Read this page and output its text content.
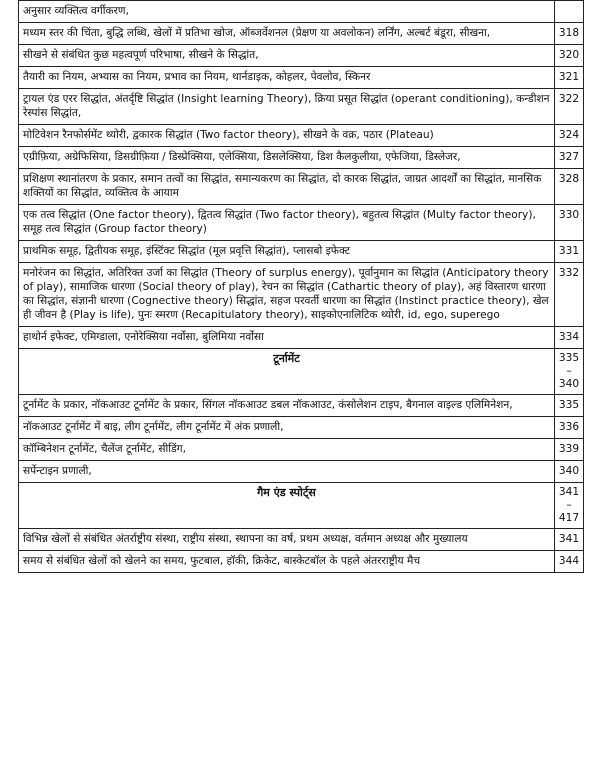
अनुसार व्यक्तित्व वर्गीकरण,	
मध्यम स्तर की चिंता, बुद्धि लब्धि, खेलों में प्रतिभा खोज, ऑब्जर्वेशनल (प्रेक्षण या अवलोकन) लर्निंग, अल्बर्ट बंडूरा, सीखना,	318
सीखने से संबंधित कुछ महत्वपूर्ण परिभाषा, सीखने के सिद्धांत,	320
तैयारी का नियम, अभ्यास का नियम, प्रभाव का नियम, थार्नडाइक, कोहलर, पेवलोव, स्किनर	321
ट्रायल एंड एरर सिद्धांत, अंतर्दृष्टि सिद्धांत (Insight learning Theory), क्रिया प्रसूत सिद्धांत (operant conditioning), कन्डीशन रेस्पांस सिद्धांत,	322
मोटिवेशन रैनफोर्समेंट थ्योरी, द्वकारक सिद्धांत (Two factor theory), सीखने के वक्र, पठार (Plateau)	324
एग्रीफ़िया, अग्रेफिसिया, डिसग्रीफ़िया / डिस्प्रेक्सिया, एलेक्सिया, डिसलेक्सिया, डिश कैलकुलीया, एफेजिया, डिस्लेजर,	327
प्रशिक्षण स्थानांतरण के प्रकार, समान तत्वों का सिद्धांत, समान्यकरण का सिद्धांत, दो कारक सिद्धांत, जाग्रत आदर्शों का सिद्धांत, मानसिक शक्तियों का सिद्धांत, व्यक्तित्व के आयाम	328
एक तत्व सिद्धांत (One factor theory), द्वितत्व सिद्धांत (Two factor theory), बहुतत्व सिद्धांत (Multy factor theory), समूह तत्व सिद्धांत (Group factor theory)	330
प्राथमिक समूह, द्वितीयक समूह, इंस्टिंक्ट सिद्धांत (मूल प्रवृत्ति सिद्धांत), प्लासबो इफेक्ट	331
मनोरंजन का सिद्धांत, अतिरिक्त उर्जा का सिद्धांत (Theory of surplus energy), पूर्वानुमान का सिद्धांत (Anticipatory theory of play), सामाजिक धारणा (Social theory of play), रेचन का सिद्धांत (Cathartic theory of play), अहं विस्तारण धारणा का सिद्धांत, संज्ञानी धारणा (Cognective theory) सिद्धांत, सहज परवर्ती धारणा का सिद्धांत (Instinct practice theory), खेल ही जीवन है (Play is life), पुनः स्मरण (Recapitulatory theory), साइकोएनालिटिक थ्योरी, id, ego, superego	332
हाथोर्न इफेक्ट, एमिग्डाला, एनोरेक्सिया नर्वोसा, बुलिमिया नर्वोसा	334
टूर्नामेंट	335 – 340
टूर्नामेंट के प्रकार, नॉकआउट टूर्नामेंट के प्रकार, सिंगल नॉकआउट डबल नॉकआउट, कंसोलेशन टाइप, बैगनाल वाइल्ड एलिमिनेशन,	335
नॉकआउट टूर्नामेंट में बाइ, लीग टूर्नामेंट, लीग टूर्नामेंट में अंक प्रणाली,	336
कॉम्बिनेशन टूर्नामेंट, चैलेंज टूर्नामेंट, सीडिंग,	339
सर्पेन्टाइन प्रणाली,	340
गैम एंड स्पोर्ट्स	341 – 417
विभिन्न खेलों से संबंधित अंतर्राष्ट्रीय संस्था, राष्ट्रीय संस्था, स्थापना का वर्ष, प्रथम अध्यक्ष, वर्तमान अध्यक्ष और मुख्यालय	341
समय से संबंधित खेलों को खेलने का समय, फुटबाल, हॉकी, क्रिकेट, बास्केटबॉल के पहले अंतरराष्ट्रीय मैच	344
